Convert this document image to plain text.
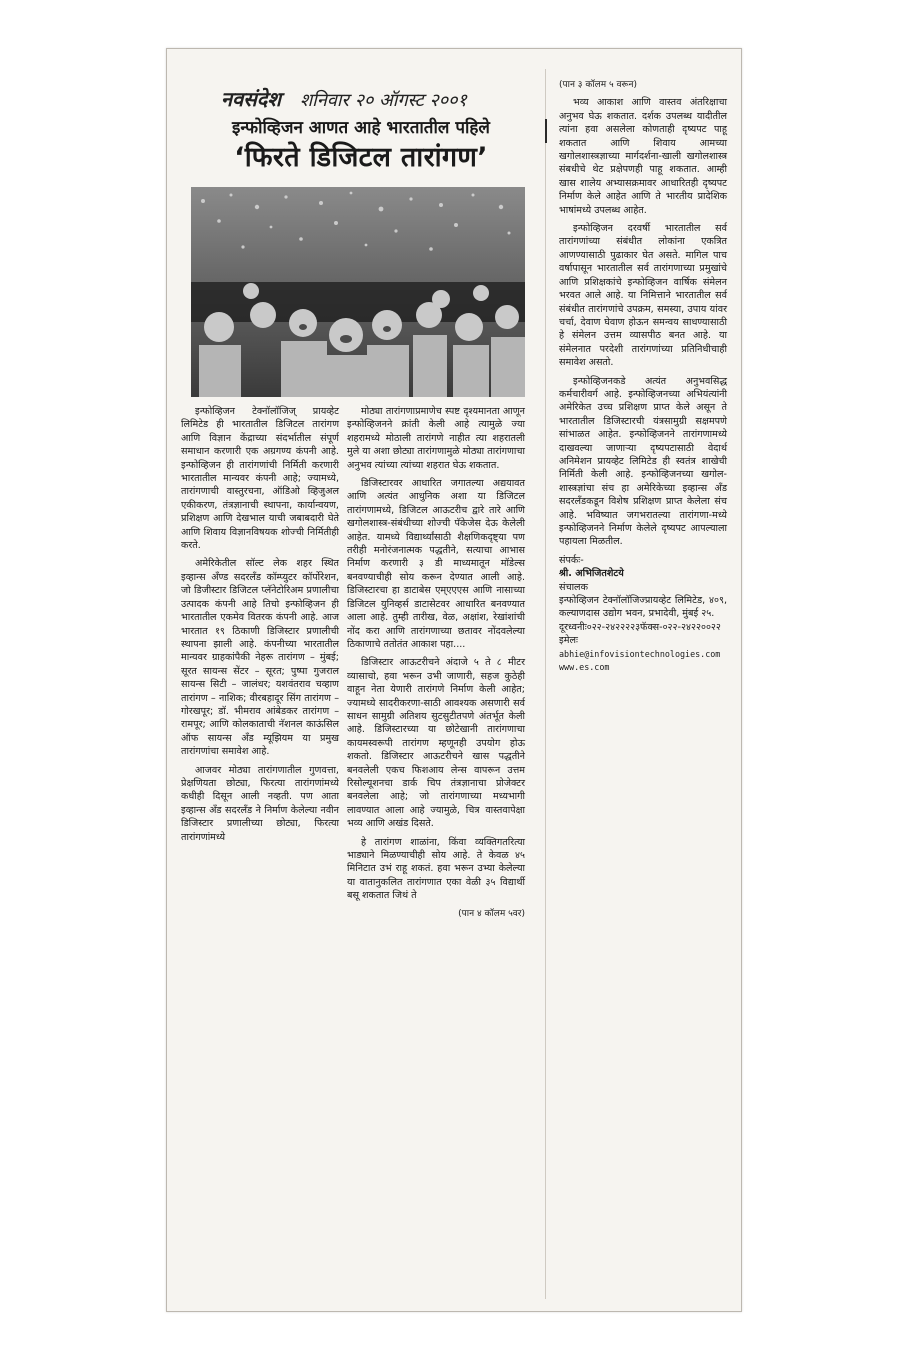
नवसंदेश शनिवार २० ऑगस्ट २००१
इन्फोव्हिजन आणत आहे भारतातील पहिले
‘फिरते डिजिटल तारांगण’

इन्फोव्हिजन टेक्नॉलॉजिज् प्रायव्हेट लिमिटेड ही भारतातील डिजिटल तारांगण आणि विज्ञान केंद्राच्या संदर्भातील संपूर्ण समाधान करणारी एक अग्रगण्य कंपनी आहे. इन्फोव्हिजन ही तारांगणांची निर्मिती करणारी भारतातील मान्यवर कंपनी आहे; ज्यामध्ये, तारांगणाची वास्तुरचना, ऑडिओ व्हिजुअल एकीकरण, तंत्रज्ञानाची स्थापना, कार्यान्वयण, प्रशिक्षण आणि देखभाल याची जबाबदारी घेते आणि शिवाय विज्ञानविषयक शोज्ची निर्मितीही करते.

अमेरिकेतील सॉल्ट लेक शहर स्थित इव्हान्स अँण्ड सदरलँड कॉम्प्युटर कॉर्पोरेशन, जो डिजीस्टार डिजिटल प्लॅनेटोरिअम प्रणालीचा उत्पादक कंपनी आहे तिचो इन्फोव्हिजन ही भारतातील एकमेव वितरक कंपनी आहे. आज भारतात १९ ठिकाणी डिजिस्टार प्रणालीची स्थापना झाली आहे. कंपनीच्या भारतातील मान्यवर ग्राहकांपैकी नेहरू तारांगण – मुंबई; सूरत सायन्स सेंटर – सूरत; पुष्पा गुजराल सायन्स सिटी – जालंधर; यशवंतराव चव्हाण तारांगण – नाशिक; वीरबहादूर सिंग तारांगण – गोरखपूर; डॉ. भीमराव आंबेडकर तारांगण – रामपूर; आणि कोलकाताची नॅशनल काऊंसिल ऑफ सायन्स अँड म्यूझियम या प्रमुख तारांगणांचा समावेश आहे.

आजवर मोठ्या तारांगणातील गुणवत्ता, प्रेक्षणियता छोट्या, फिरत्या तारांगणांमध्ये कधीही दिसून आली नव्हती. पण आता इव्हान्स अँड सदरलँड ने निर्माण केलेल्या नवीन डिजिस्टार प्रणालीच्या छोट्या, फिरत्या तारांगणांमध्ये

मोठ्या तारांगणाप्रमाणेच स्पष्ट दृश्यमानता आणून इन्फोव्हिजनने क्रांती केली आहे त्यामुळे ज्या शहरामध्ये मोठाली तारांगणे नाहीत त्या शहरातली मुले या अशा छोट्या तारांगणामुळे मोठ्या तारांगणाचा अनुभव त्यांच्या त्यांच्या शहरात घेऊ शकतात.

डिजिस्टारवर आधारित जगातल्या अद्ययावत आणि अत्यंत आधुनिक अशा या डिजिटल तारांगणामध्ये, डिजिटल आऊटरीच द्वारे तारे आणि खगोलशास्त्र-संबंधीच्या शोज्ची पॅकेजेस देऊ केलेली आहेत. यामध्ये विद्यार्थ्यांसाठी शैक्षणिकदृष्ट्या पण तरीही मनोरंजनात्मक पद्धतीने, सत्याचा आभास निर्माण करणारी ३ डी माध्यमातून मॉडेल्स बनवण्याचीही सोय करून देण्यात आली आहे. डिजिस्टारचा हा डाटाबेस एम्एएएस आणि नासाच्या डिजिटल युनिव्हर्स डाटासेटवर आधारित बनवण्यात आला आहे. तुम्ही तारीख, वेळ, अक्षांश, रेखांशांची नोंद करा आणि तारांगणाच्या छतावर नोंदवलेल्या ठिकाणाचे ततोतंत आकाश पहा....

डिजिस्टार आऊटरीचने अंदाजे ५ ते ८ मीटर व्यासाचो, हवा भरून उभी जाणारी, सहज कुठेही वाहून नेता येणारी तारांगणे निर्माण केली आहेत; ज्यामध्ये सादरीकरणा-साठी आवश्यक असणारी सर्व साधन सामुग्री अतिशय सुटसुटीतपणे अंतर्भूत केली आहे. डिजिस्टारच्या या छोटेखानी तारांगणाचा कायमस्वरूपी तारांगण म्हणूनही उपयोग होऊ शकतो. डिजिस्टार आऊटरीचने खास पद्धतीने बनवलेली एकच फिशआय लेन्स वापरून उत्तम रिसोल्यूशनचा डार्क चिप तंत्रज्ञानाचा प्रोजेक्टर बनवलेला आहे; जो तारांगणाच्या मध्यभागी लावण्यात आला आहे ज्यामुळे, चित्र वास्तवापेक्षा भव्य आणि अखंड दिसते.

हे तारांगण शाळांना, किंवा व्यक्तिगतरित्या भाड्याने मिळण्याचीही सोय आहे. ते केवळ ४५ मिनिटात उभं राहू शकतं. हवा भरून उभ्या केलेल्या या वातानुकलित तारांगणात एका वेळी ३५ विद्यार्थी बसू शकतात जिथं ते

(पान ४ कॉलम ५वर)
(पान ३ कॉलम ५ वरून)

भव्य आकाश आणि वास्तव अंतरिक्षाचा अनुभव घेऊ शकतात. दर्शक उपलब्ध यादीतील त्यांना हवा असलेला कोणताही दृष्यपट पाहू शकतात आणि शिवाय आमच्या खगोलशास्त्रज्ञाच्या मार्गदर्शना-खाली खगोलशास्त्र संबधीचे थेट प्रक्षेपणही पाहू शकतात. आम्ही खास शालेय अभ्यासक्रमावर आधारितही दृष्यपट निर्माण केले आहेत आणि ते भारतीय प्रादेशिक भाषांमध्ये उपलब्ध आहेत.

इन्फोव्हिजन दरवर्षी भारतातील सर्व तारांगणांच्या संबंधीत लोकांना एकत्रित आणण्यासाठी पुढाकार घेत असते. मागिल पाच वर्षापासून भारतातील सर्व तारांगणाच्या प्रमुखांचे आणि प्रशिक्षकांचे इन्फोव्हिजन वार्षिक संमेलन भरवत आले आहे. या निमित्ताने भारतातील सर्व संबंधीत तारांगणांचे उपक्रम, समस्या, उपाय यांवर चर्चा, देवाण घेवाण होऊन समन्वय साधण्यासाठी हे संमेलन उत्तम व्यासपीठ बनत आहे. या संमेलनात परदेशी तारांगणांच्या प्रतिनिधीचाही समावेश असतो.

इन्फोव्हिजनकडे अत्यंत अनुभवसिद्ध कर्मचारीवर्ग आहे. इन्फोव्हिजनच्या अभियंत्यांनी अमेरिकेत उच्च प्रशिक्षण प्राप्त केले असून ते भारतातील डिजिस्टारची यंत्रसामुग्री सक्षमपणे सांभाळत आहेत. इन्फोव्हिजनने तारांगणामध्ये दाखवल्या जाणाऱ्या दृष्यपटासाठी वेदार्थ अनिमेशन प्रायव्हेट लिमिटेड ही स्वतंत्र शाखेची निर्मिती केली आहे. इन्फोव्हिजनच्या खगोल-शास्त्रज्ञांचा संच हा अमेरिकेच्या इव्हान्स अँड सदरलँडकडून विशेष प्रशिक्षण प्राप्त केलेला संच आहे. भविष्यात जगभरातल्या तारांगणा-मध्ये इन्फोव्हिजनने निर्माण केलेले दृष्यपट आपल्याला पहायला मिळतील.

संपर्कः-
श्री. अभिजितशेटये
संचालक
इन्फोव्हिजन टेक्नॉलॉजिज्प्रायव्हेट लिमिटेड, ४०९, कल्याणदास उद्योग भवन, प्रभादेवी, मुंबई २५.
दूरध्वनीः०२२-२४२२२२३फॅक्स-०२२-२४२२००२२
इमेलः
abhie@infovisiontechnologies.com
www.es.com
